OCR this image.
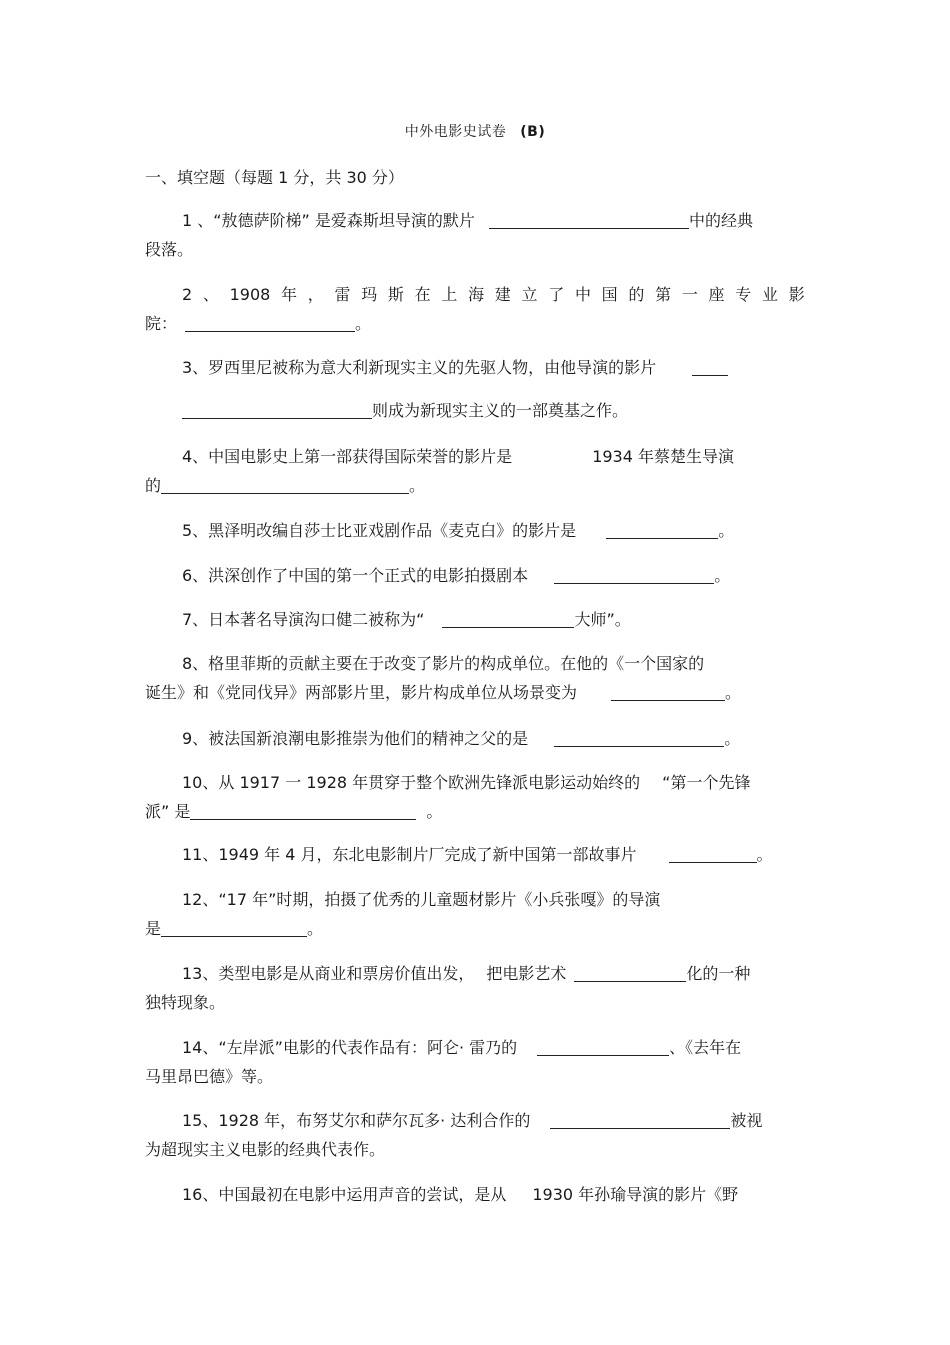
中外电影史试卷 (B)
一、填空题（每题 1 分，共 30 分）
1 、“敖德萨阶梯” 是爱森斯坦导演的默片	中的经典
段落。
2 、 1908 年 ， 雷 玛 斯 在 上 海 建 立 了 中 国 的 第 一 座 专 业 影
院：	。
3、罗西里尼被称为意大利新现实主义的先驱人物，由他导演的影片
则成为新现实主义的一部奠基之作。
4、中国电影史上第一部获得国际荣誉的影片是	1934 年蔡楚生导演
的	。
5、黑泽明改编自莎士比亚戏剧作品《麦克白》的影片是	。
6、洪深创作了中国的第一个正式的电影拍摄剧本	。
7、日本著名导演沟口健二被称为“	大师”。
8、格里菲斯的贡献主要在于改变了影片的构成单位。在他的《一个国家的
诞生》和《党同伐异》两部影片里，影片构成单位从场景变为	。
9、被法国新浪潮电影推崇为他们的精神之父的是	。
10、从 1917 一 1928 年贯穿于整个欧洲先锋派电影运动始终的 “第一个先锋
派” 是	。
11、1949 年 4 月，东北电影制片厂完成了新中国第一部故事片	。
12、“17 年”时期，拍摄了优秀的儿童题材影片《小兵张嘎》的导演
是	。
13、类型电影是从商业和票房价值出发， 把电影艺术	化的一种
独特现象。
14、“左岸派”电影的代表作品有：阿仑· 雷乃的	、《去年在
马里昂巴德》等。
15、1928 年，布努艾尔和萨尔瓦多· 达利合作的	被视
为超现实主义电影的经典代表作。
16、中国最初在电影中运用声音的尝试，是从 1930 年孙瑜导演的影片《野
